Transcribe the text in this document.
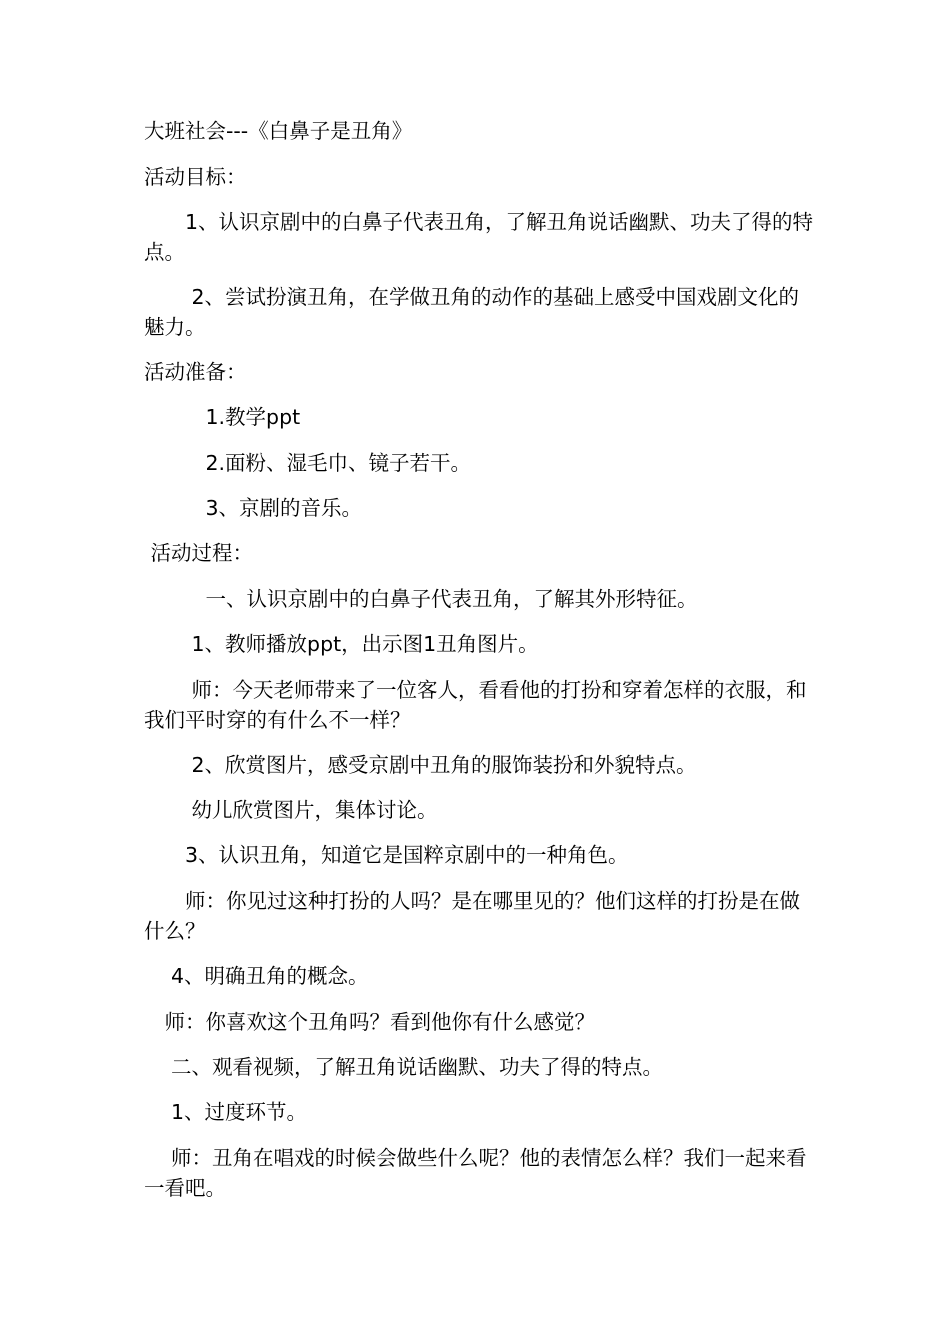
大班社会---《白鼻子是丑角》
活动目标：
　　1、认识京剧中的白鼻子代表丑角，了解丑角说话幽默、功夫了得的特点。
　　 2、尝试扮演丑角，在学做丑角的动作的基础上感受中国戏剧文化的魅力。
活动准备：
　　　1.教学ppt
　　　2.面粉、湿毛巾、镜子若干。
　　　3、京剧的音乐。
活动过程：
　　　一、认识京剧中的白鼻子代表丑角，了解其外形特征。
　　 1、教师播放ppt，出示图1丑角图片。
　　 师：今天老师带来了一位客人，看看他的打扮和穿着怎样的衣服，和我们平时穿的有什么不一样？
　　 2、欣赏图片，感受京剧中丑角的服饰装扮和外貌特点。
　　 幼儿欣赏图片，集体讨论。
　　3、认识丑角，知道它是国粹京剧中的一种角色。
　　师：你见过这种打扮的人吗？是在哪里见的？他们这样的打扮是在做什么？
　 4、明确丑角的概念。
　师：你喜欢这个丑角吗？看到他你有什么感觉？
　 二、观看视频，了解丑角说话幽默、功夫了得的特点。
　 1、过度环节。
　 师：丑角在唱戏的时候会做些什么呢？他的表情怎么样？我们一起来看一看吧。
